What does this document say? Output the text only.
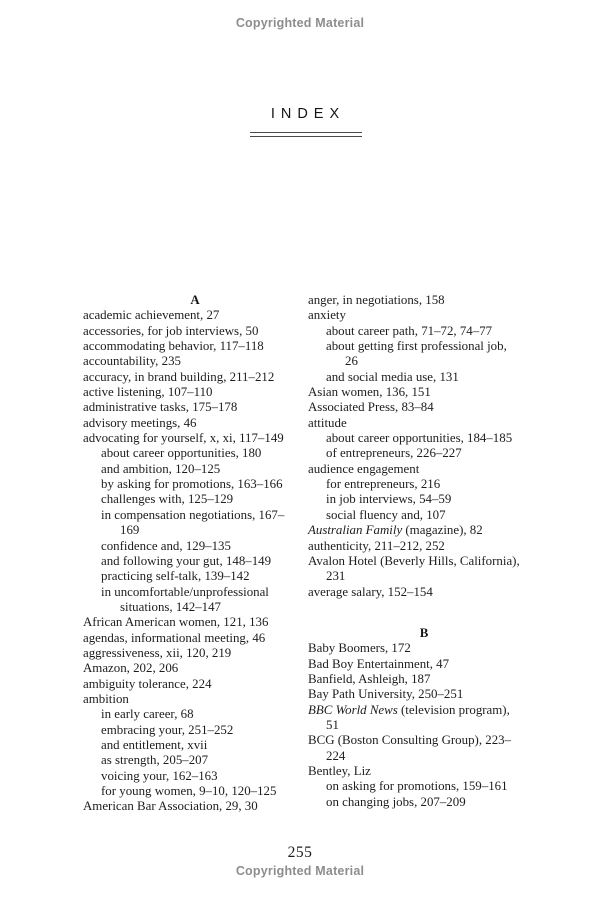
Copyrighted Material
INDEX
A
academic achievement, 27
accessories, for job interviews, 50
accommodating behavior, 117–118
accountability, 235
accuracy, in brand building, 211–212
active listening, 107–110
administrative tasks, 175–178
advisory meetings, 46
advocating for yourself, x, xi, 117–149
about career opportunities, 180
and ambition, 120–125
by asking for promotions, 163–166
challenges with, 125–129
in compensation negotiations, 167–
169
confidence and, 129–135
and following your gut, 148–149
practicing self-talk, 139–142
in uncomfortable/unprofessional
situations, 142–147
African American women, 121, 136
agendas, informational meeting, 46
aggressiveness, xii, 120, 219
Amazon, 202, 206
ambiguity tolerance, 224
ambition
in early career, 68
embracing your, 251–252
and entitlement, xvii
as strength, 205–207
voicing your, 162–163
for young women, 9–10, 120–125
American Bar Association, 29, 30
anger, in negotiations, 158
anxiety
about career path, 71–72, 74–77
about getting first professional job,
26
and social media use, 131
Asian women, 136, 151
Associated Press, 83–84
attitude
about career opportunities, 184–185
of entrepreneurs, 226–227
audience engagement
for entrepreneurs, 216
in job interviews, 54–59
social fluency and, 107
Australian Family (magazine), 82
authenticity, 211–212, 252
Avalon Hotel (Beverly Hills, California),
231
average salary, 152–154
B
Baby Boomers, 172
Bad Boy Entertainment, 47
Banfield, Ashleigh, 187
Bay Path University, 250–251
BBC World News (television program),
51
BCG (Boston Consulting Group), 223–
224
Bentley, Liz
on asking for promotions, 159–161
on changing jobs, 207–209
255
Copyrighted Material
